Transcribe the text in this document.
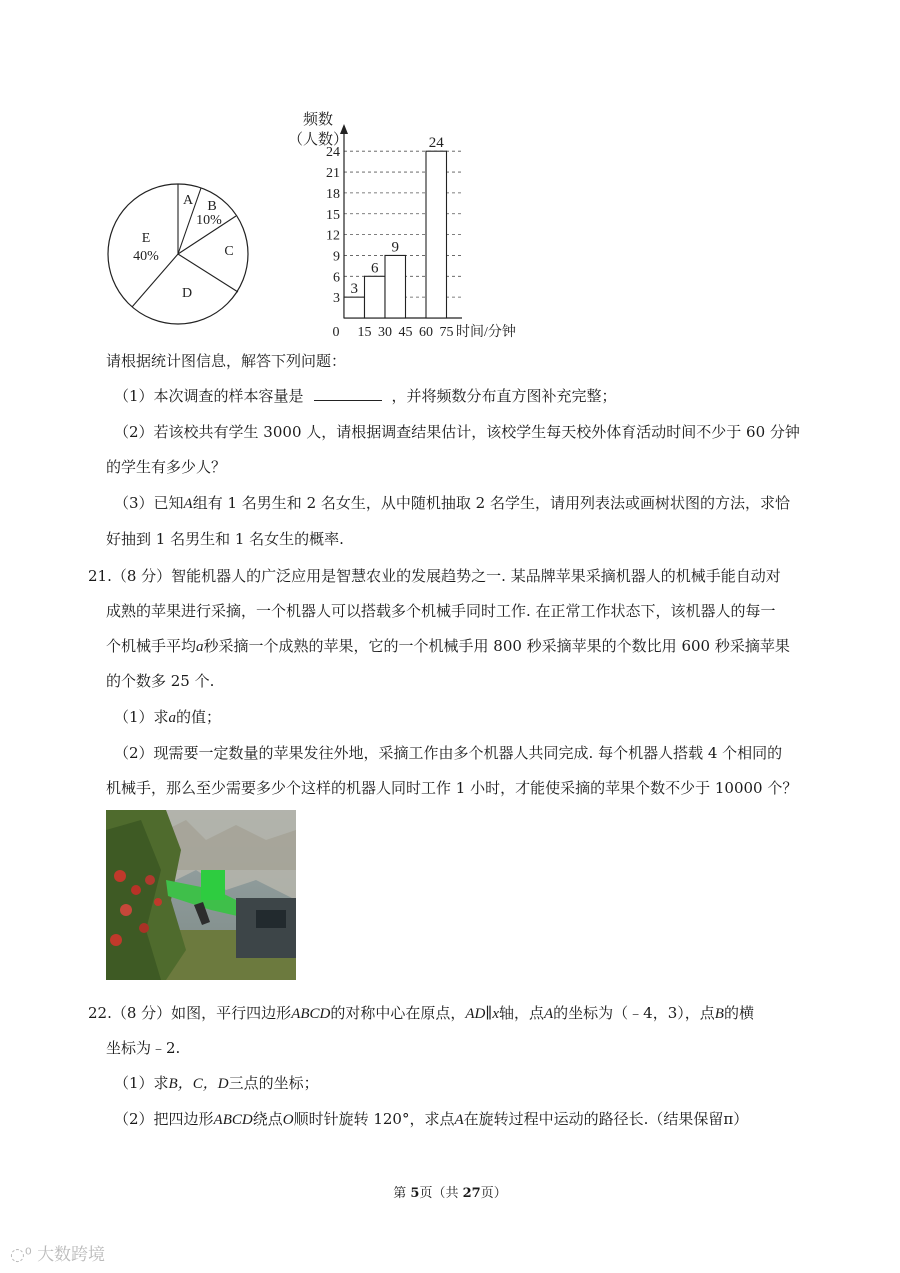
A B
10%
C
D
E
40%
3
6
9
12
15
18
21
24
3
6
9
24
0 15 30 45 60 75 时间/分钟
频数
（人数）
请根据统计图信息，解答下列问题：
（1）本次调查的样本容量是	，并将频数分布直方图补充完整；
（2）若该校共有学生 3000 人，请根据调查结果估计，该校学生每天校外体育活动时间不少于 60 分钟
的学生有多少人？
（3）已知A组有 1 名男生和 2 名女生，从中随机抽取 2 名学生，请用列表法或画树状图的方法，求恰
好抽到 1 名男生和 1 名女生的概率.
21.（8 分）智能机器人的广泛应用是智慧农业的发展趋势之一. 某品牌苹果采摘机器人的机械手能自动对
成熟的苹果进行采摘，一个机器人可以搭载多个机械手同时工作. 在正常工作状态下，该机器人的每一
个机械手平均a秒采摘一个成熟的苹果，它的一个机械手用 800 秒采摘苹果的个数比用 600 秒采摘苹果
的个数多 25 个.
（1）求a的值；
（2）现需要一定数量的苹果发往外地，采摘工作由多个机器人共同完成. 每个机器人搭载 4 个相同的
机械手，那么至少需要多少个这样的机器人同时工作 1 小时，才能使采摘的苹果个数不少于 10000 个？
22.（8 分）如图，平行四边形ABCD的对称中心在原点，AD∥x轴，点A的坐标为（﹣4，3），点B的横
坐标为﹣2.
（1）求B，C，D三点的坐标；
（2）把四边形ABCD绕点O顺时针旋转 120°，求点A在旋转过程中运动的路径长.（结果保留π）
第 5页（共 27页）
◌⁰ 大数跨境
